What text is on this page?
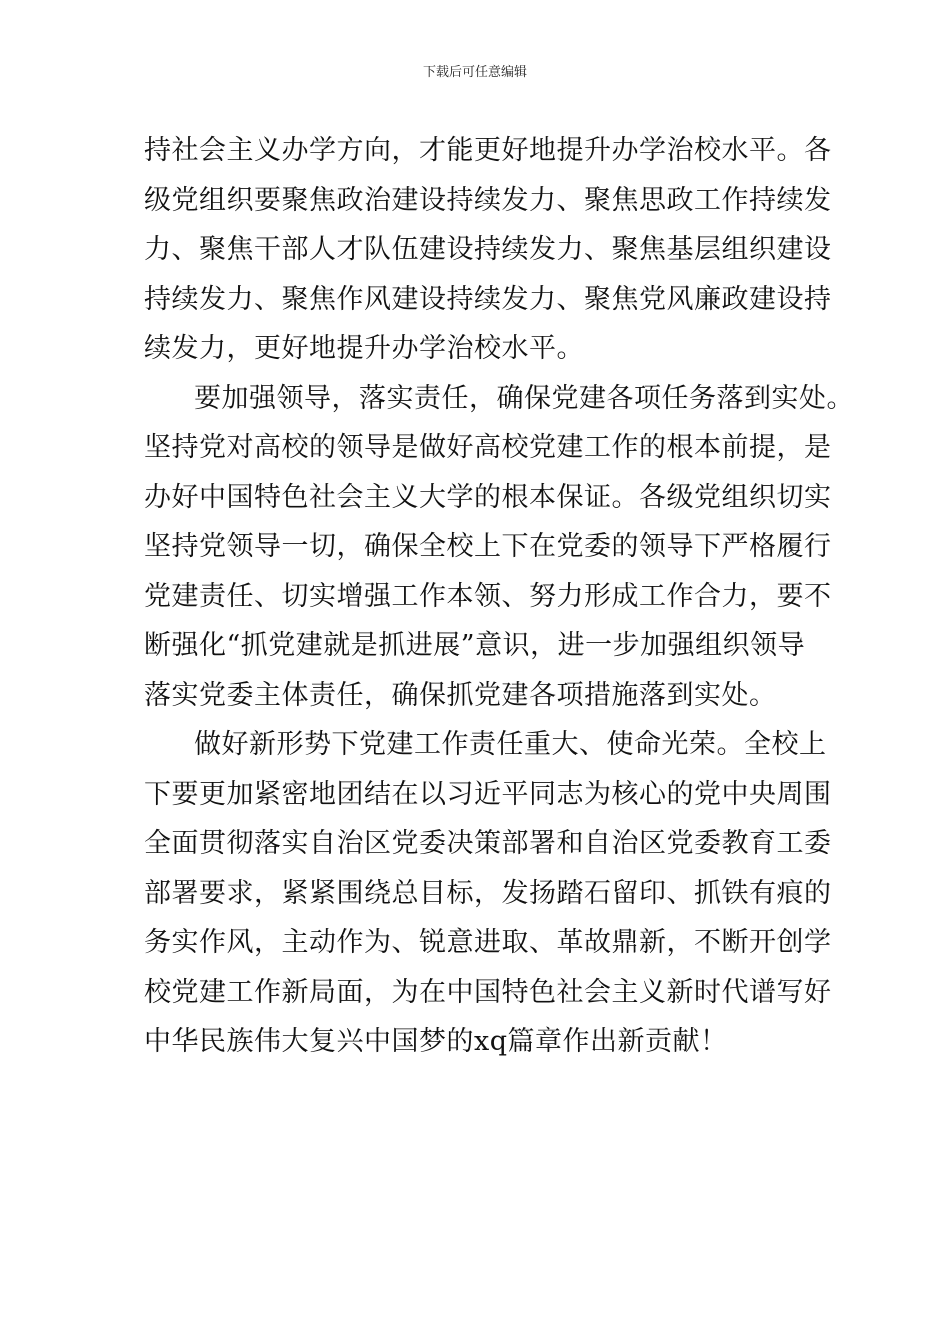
下载后可任意编辑
持社会主义办学方向，才能更好地提升办学治校水平。各
级党组织要聚焦政治建设持续发力、聚焦思政工作持续发
力、聚焦干部人才队伍建设持续发力、聚焦基层组织建设
持续发力、聚焦作风建设持续发力、聚焦党风廉政建设持
续发力，更好地提升办学治校水平。
要加强领导，落实责任，确保党建各项任务落到实处。
坚持党对高校的领导是做好高校党建工作的根本前提，是
办好中国特色社会主义大学的根本保证。各级党组织切实
坚持党领导一切，确保全校上下在党委的领导下严格履行
党建责任、切实增强工作本领、努力形成工作合力，要不
断强化“抓党建就是抓进展”意识，进一步加强组织领导
落实党委主体责任，确保抓党建各项措施落到实处。
做好新形势下党建工作责任重大、使命光荣。全校上
下要更加紧密地团结在以习近平同志为核心的党中央周围
全面贯彻落实自治区党委决策部署和自治区党委教育工委
部署要求，紧紧围绕总目标，发扬踏石留印、抓铁有痕的
务实作风，主动作为、锐意进取、革故鼎新，不断开创学
校党建工作新局面，为在中国特色社会主义新时代谱写好
中华民族伟大复兴中国梦的xq篇章作出新贡献！
